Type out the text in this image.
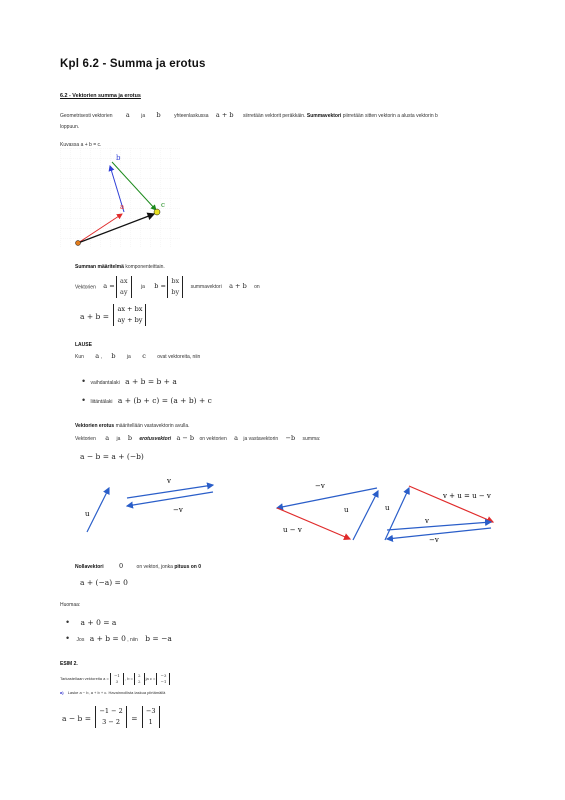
Kpl 6.2 - Summa ja erotus
6.2 - Vektorien summa ja erotus
Geometrisesti vektorien a ja b	yhteenlaskussa a + b siirretään vektorit peräkkäin. Summavektori piirretään sitten vektorin a alusta vektorin b
loppuun.
Kuvassa a + b = c.
b
a	c
Summan määritelmä komponenteittain.
Vektorien a =
ax
ay
ja b =
bx
by
summavektori a + b on
a + b =
ax + bx
ay + by
LAUSE
Kun a , b ja c ovat vektoreita, niin
• vaihdantalaki a + b = b + a
• liitäntälaki a + (b + c) = (a + b) + c
Vektorien erotus määritellään vastavektorin avulla.
Vektorien a ja b erotusvektori a − b on vektorien a ja vastavektorin −b summa:
a − b = a + (−b)
u
v
−v
−v
u
u − v
u
v + u = u − v
v
−v
Nollavektori 0	on vektori, jonka pituus on 0
a + (−a) = 0
Huomaa:
• a + 0 = a
• Jos a + b = 0 , niin b = −a
ESIM 2.
Tarkastellaan vektoreita a =
−1
3
, b =
2
2
ja c =
−3
−1
a) Laske a − b, a + b + c. Havainnollista laskua piirtämällä
a − b =
−1 − 2
3 − 2	=
−3
1
